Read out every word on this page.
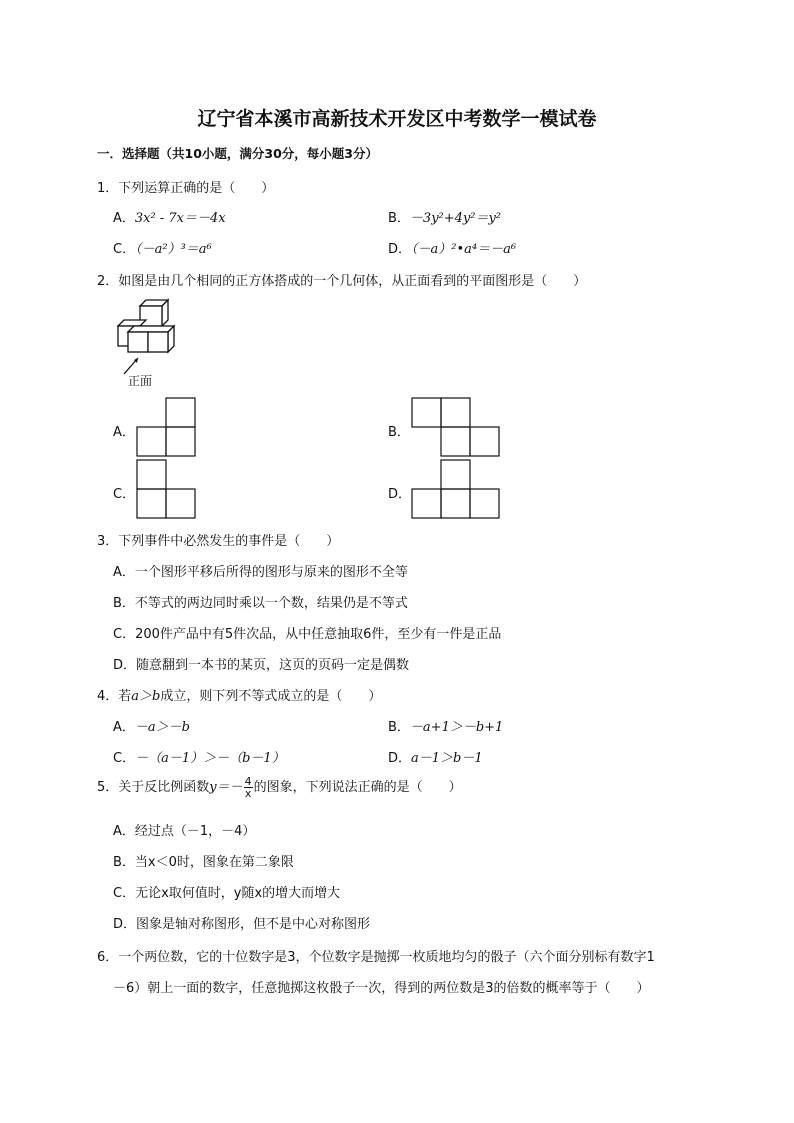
辽宁省本溪市高新技术开发区中考数学一模试卷
一．选择题（共10小题，满分30分，每小题3分）
1．下列运算正确的是（　　）
A．3x² - 7x＝－4x	B．－3y²+4y²＝y²
C．（－a²）³＝a⁶	D．（－a）²•a⁴＝－a⁶
2．如图是由几个相同的正方体搭成的一个几何体，从正面看到的平面图形是（　　）
正面
A．	B．
C．	D．
3．下列事件中必然发生的事件是（　　）
A．一个图形平移后所得的图形与原来的图形不全等
B．不等式的两边同时乘以一个数，结果仍是不等式
C．200件产品中有5件次品，从中任意抽取6件，至少有一件是正品
D．随意翻到一本书的某页，这页的页码一定是偶数
4．若a＞b成立，则下列不等式成立的是（　　）
A．－a＞－b	B．－a+1＞－b+1
C．－（a－1）＞－（b－1）	D．a－1＞b－1
5．关于反比例函数$y=- \frac{4}{x}$ 的图象，下列说法正确的是（　　）
A．经过点（－1，－4）
B．当x＜0时，图象在第二象限
C．无论x取何值时，y随x的增大而增大
D．图象是轴对称图形，但不是中心对称图形
6．一个两位数，它的十位数字是3，个位数字是抛掷一枚质地均匀的骰子（六个面分别标有数字1
－6）朝上一面的数字，任意抛掷这枚骰子一次，得到的两位数是3的倍数的概率等于（　　）
